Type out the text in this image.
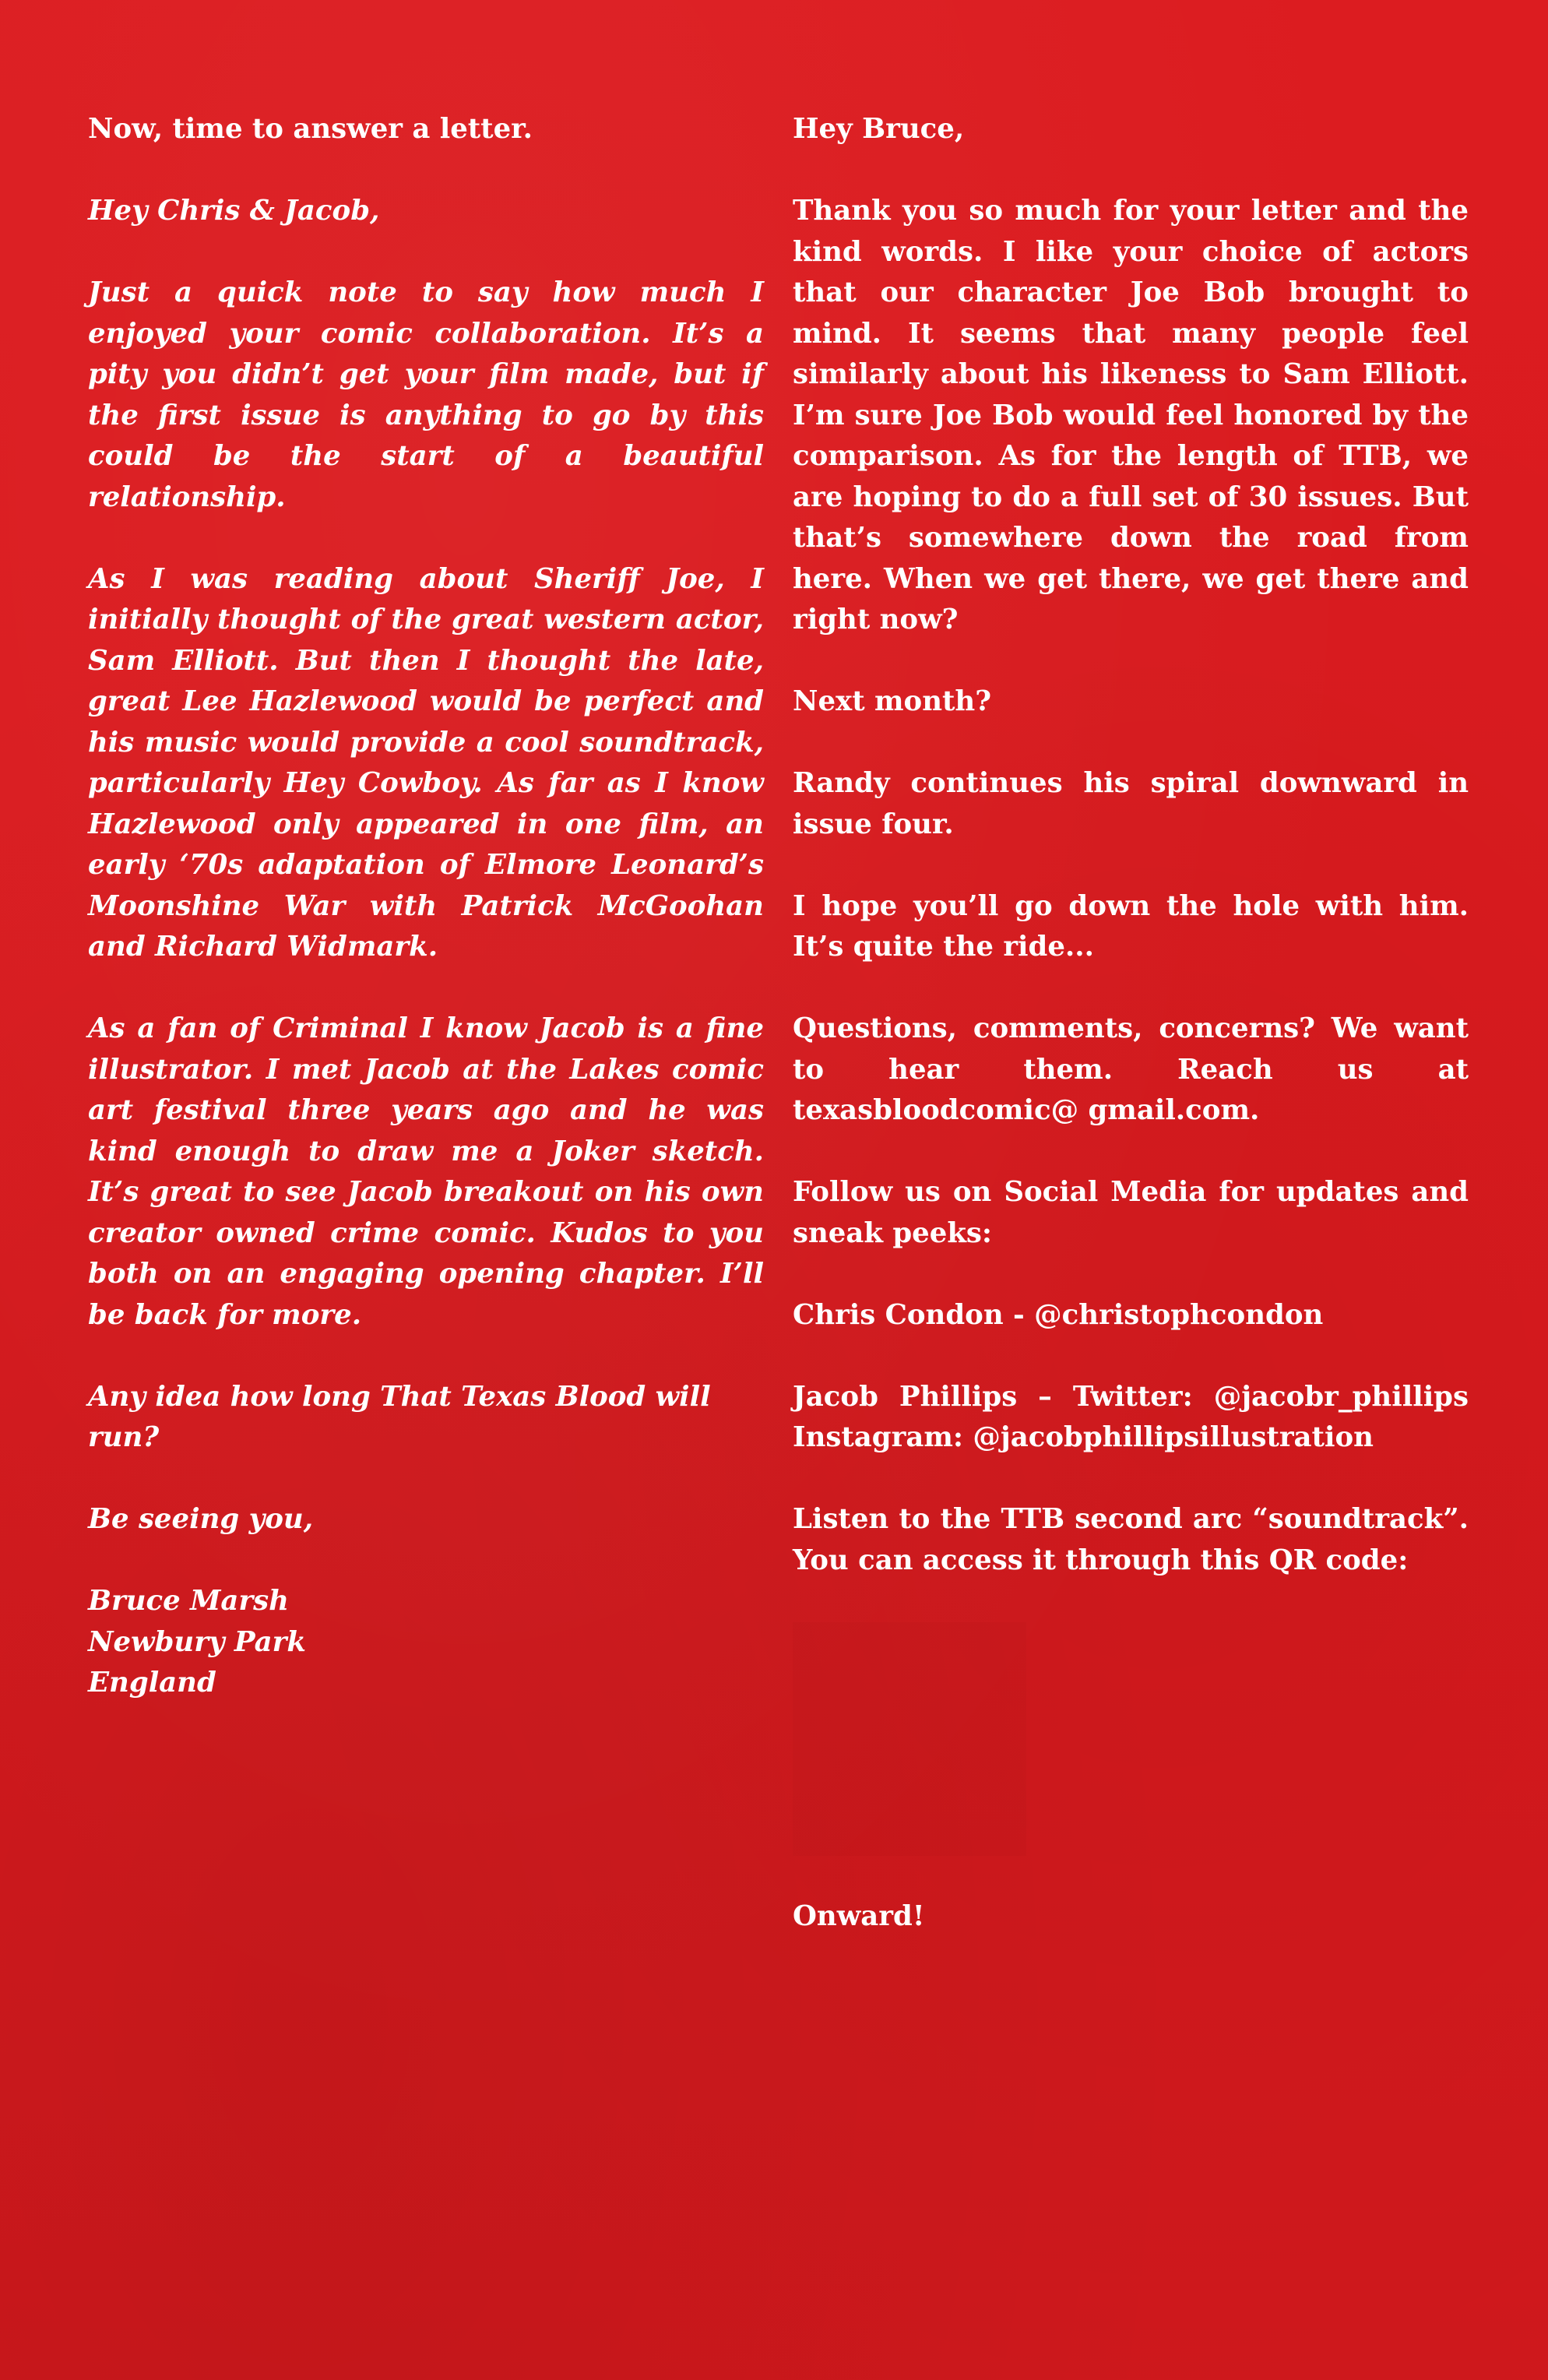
Now, time to answer a letter.

Hey Chris & Jacob,

Just a quick note to say how much I enjoyed your comic collaboration. It’s a pity you didn’t get your film made, but if the first issue is anything to go by this could be the start of a beautiful relationship.

As I was reading about Sheriff Joe, I initially thought of the great western actor, Sam Elliott. But then I thought the late, great Lee Hazlewood would be perfect and his music would provide a cool soundtrack, particularly Hey Cowboy. As far as I know Hazlewood only appeared in one film, an early ‘70s adaptation of Elmore Leonard’s Moonshine War with Patrick McGoohan and Richard Widmark.

As a fan of Criminal I know Jacob is a fine illustrator. I met Jacob at the Lakes comic art festival three years ago and he was kind enough to draw me a Joker sketch. It’s great to see Jacob breakout on his own creator owned crime comic. Kudos to you both on an engaging opening chapter. I’ll be back for more.

Any idea how long That Texas Blood will run?

Be seeing you,

Bruce Marsh
Newbury Park
England

Hey Bruce,

Thank you so much for your letter and the kind words. I like your choice of actors that our character Joe Bob brought to mind. It seems that many people feel similarly about his likeness to Sam Elliott. I’m sure Joe Bob would feel honored by the comparison. As for the length of TTB, we are hoping to do a full set of 30 issues. But that’s somewhere down the road from here. When we get there, we get there and right now?

Next month?

Randy continues his spiral downward in issue four.

I hope you’ll go down the hole with him. It’s quite the ride...

Questions, comments, concerns? We want to hear them. Reach us at texasbloodcomic@ gmail.com.

Follow us on Social Media for updates and sneak peeks:

Chris Condon - @christophcondon

Jacob Phillips – Twitter: @jacobr_phillips
Instagram: @jacobphillipsillustration

Listen to the TTB second arc “soundtrack”. You can access it through this QR code:

Onward!
